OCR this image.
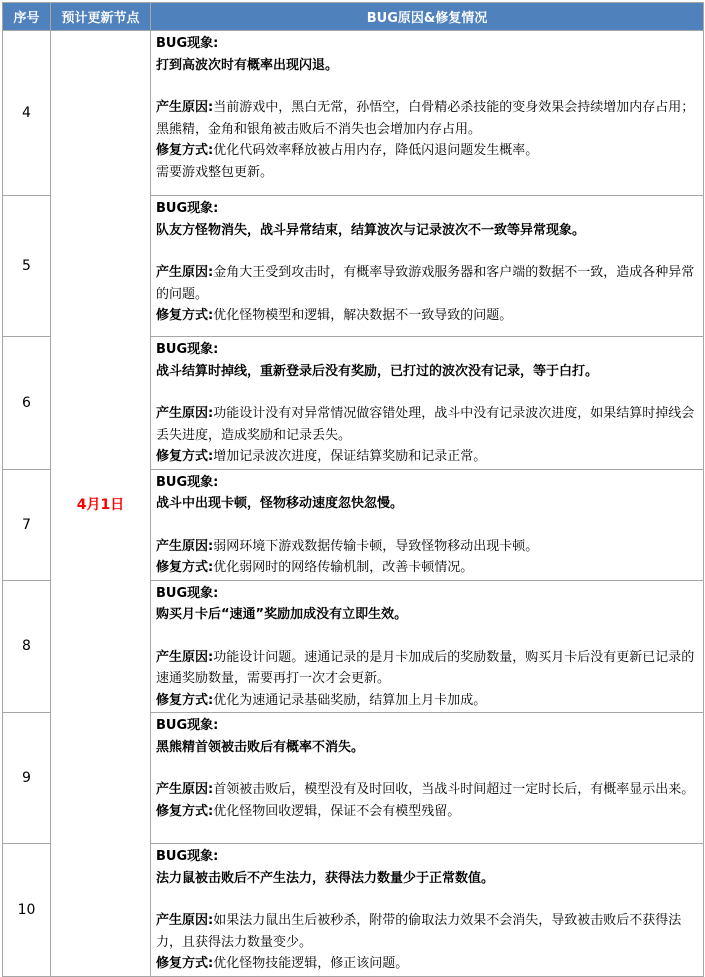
序号	预计更新节点	BUG原因&修复情况
4	4月1日	BUG现象:
打到高波次时有概率出现闪退。
产生原因:当前游戏中，黑白无常，孙悟空，白骨精必杀技能的变身效果会持续增加内存占用；黑熊精，金角和银角被击败后不消失也会增加内存占用。
修复方式:优化代码效率释放被占用内存，降低闪退问题发生概率。
需要游戏整包更新。

5		BUG现象:
队友方怪物消失，战斗异常结束，结算波次与记录波次不一致等异常现象。
产生原因:金角大王受到攻击时，有概率导致游戏服务器和客户端的数据不一致，造成各种异常的问题。
修复方式:优化怪物模型和逻辑，解决数据不一致导致的问题。

6		BUG现象:
战斗结算时掉线，重新登录后没有奖励，已打过的波次没有记录，等于白打。
产生原因:功能设计没有对异常情况做容错处理，战斗中没有记录波次进度，如果结算时掉线会丢失进度，造成奖励和记录丢失。
修复方式:增加记录波次进度，保证结算奖励和记录正常。

7		BUG现象:
战斗中出现卡顿，怪物移动速度忽快忽慢。
产生原因:弱网环境下游戏数据传输卡顿，导致怪物移动出现卡顿。
修复方式:优化弱网时的网络传输机制，改善卡顿情况。

8		BUG现象:
购买月卡后“速通”奖励加成没有立即生效。
产生原因:功能设计问题。速通记录的是月卡加成后的奖励数量，购买月卡后没有更新已记录的速通奖励数量，需要再打一次才会更新。
修复方式:优化为速通记录基础奖励，结算加上月卡加成。

9		BUG现象:
黑熊精首领被击败后有概率不消失。
产生原因:首领被击败后，模型没有及时回收，当战斗时间超过一定时长后，有概率显示出来。
修复方式:优化怪物回收逻辑，保证不会有模型残留。

10		BUG现象:
法力鼠被击败后不产生法力，获得法力数量少于正常数值。
产生原因:如果法力鼠出生后被秒杀，附带的偷取法力效果不会消失，导致被击败后不获得法力，且获得法力数量变少。
修复方式:优化怪物技能逻辑，修正该问题。
